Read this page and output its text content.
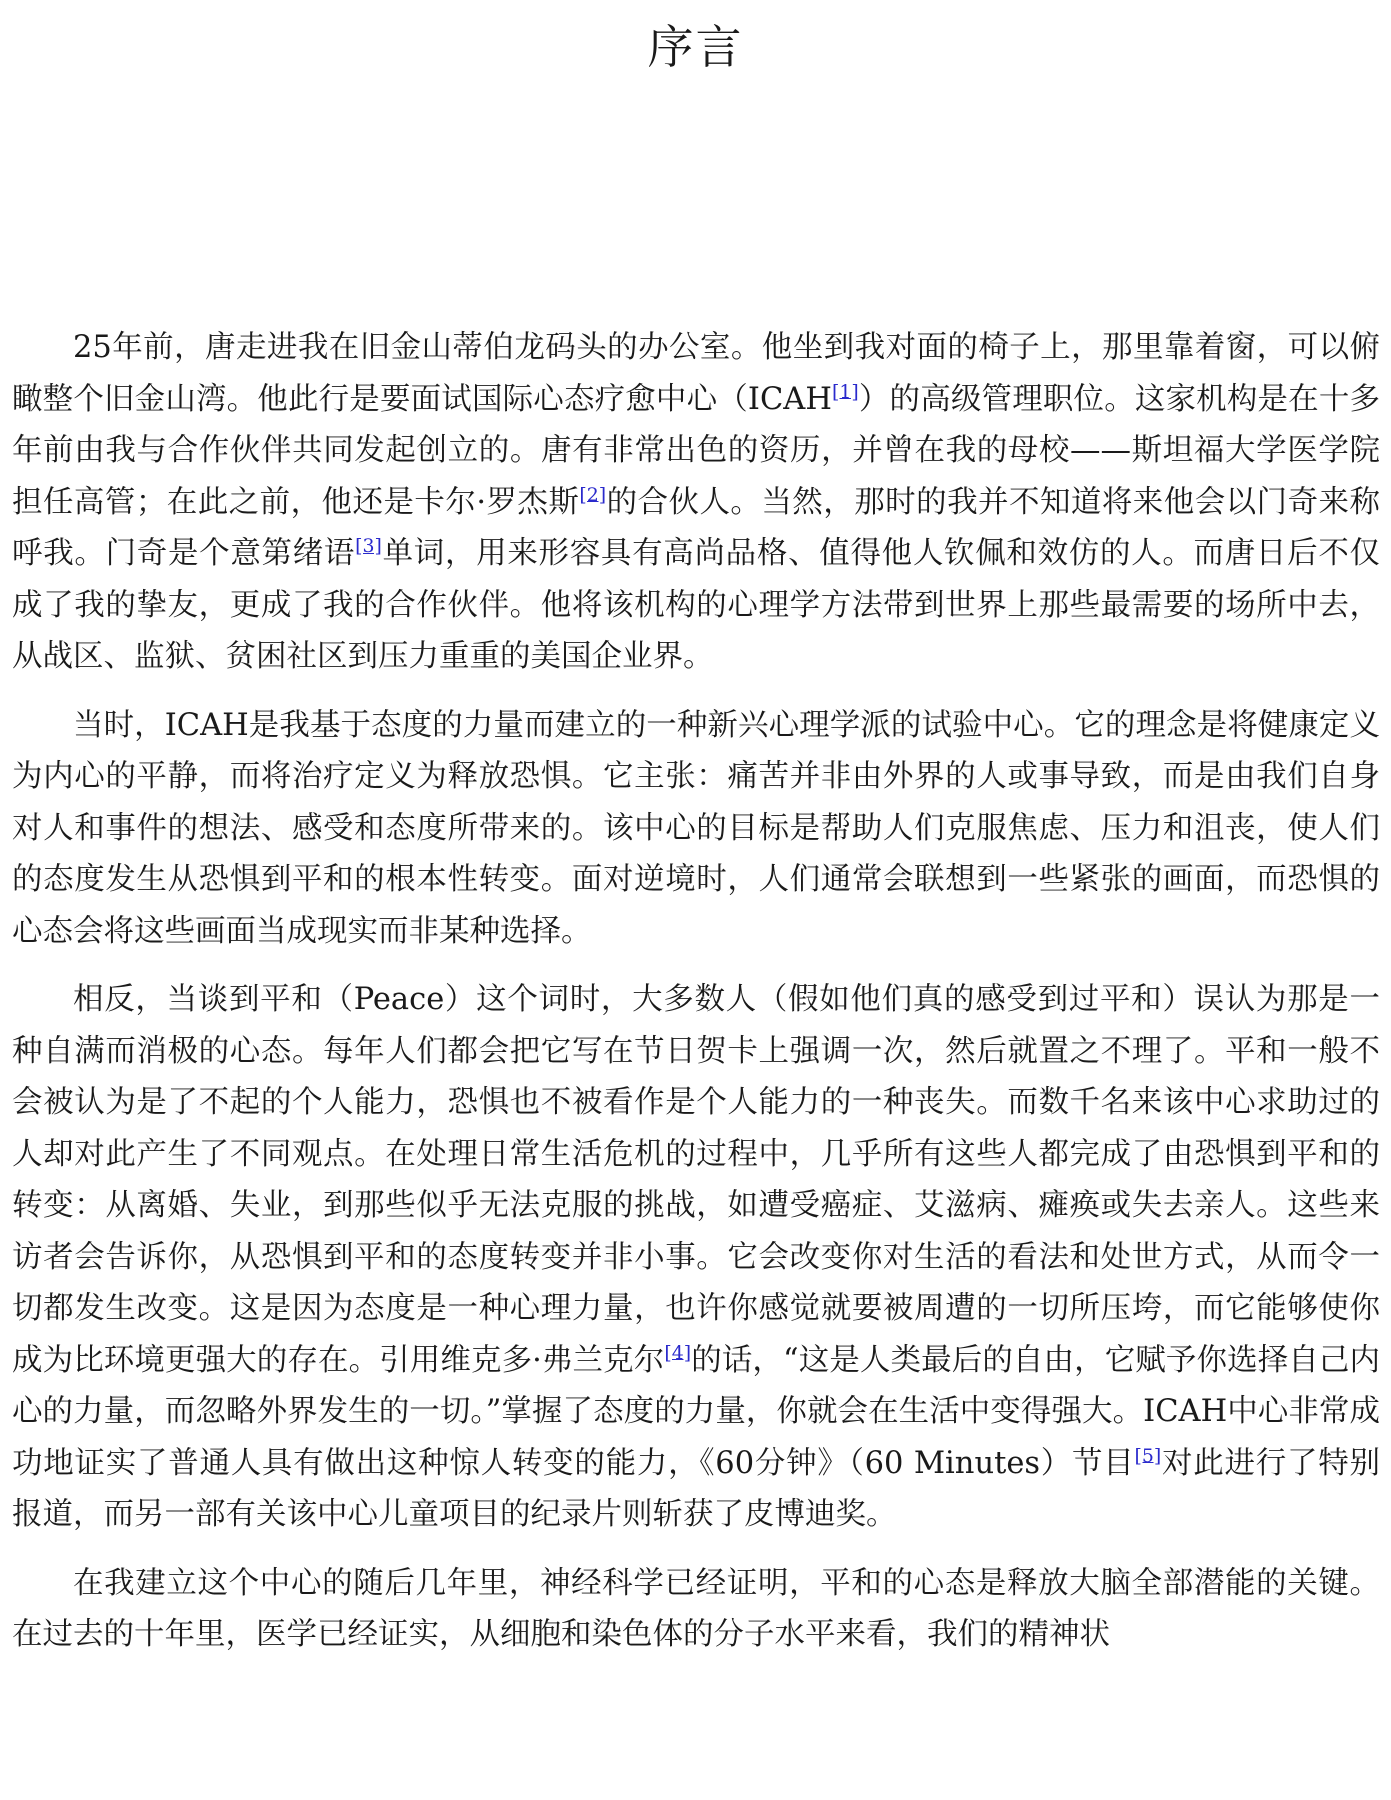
序言

25年前，唐走进我在旧金山蒂伯龙码头的办公室。他坐到我对面的椅子上，那里靠着窗，可以俯瞰整个旧金山湾。他此行是要面试国际心态疗愈中心（ICAH[1]）的高级管理职位。这家机构是在十多年前由我与合作伙伴共同发起创立的。唐有非常出色的资历，并曾在我的母校——斯坦福大学医学院担任高管；在此之前，他还是卡尔·罗杰斯[2]的合伙人。当然，那时的我并不知道将来他会以门奇来称呼我。门奇是个意第绪语[3]单词，用来形容具有高尚品格、值得他人钦佩和效仿的人。而唐日后不仅成了我的挚友，更成了我的合作伙伴。他将该机构的心理学方法带到世界上那些最需要的场所中去，从战区、监狱、贫困社区到压力重重的美国企业界。

当时，ICAH是我基于态度的力量而建立的一种新兴心理学派的试验中心。它的理念是将健康定义为内心的平静，而将治疗定义为释放恐惧。它主张：痛苦并非由外界的人或事导致，而是由我们自身对人和事件的想法、感受和态度所带来的。该中心的目标是帮助人们克服焦虑、压力和沮丧，使人们的态度发生从恐惧到平和的根本性转变。面对逆境时，人们通常会联想到一些紧张的画面，而恐惧的心态会将这些画面当成现实而非某种选择。

相反，当谈到平和（Peace）这个词时，大多数人（假如他们真的感受到过平和）误认为那是一种自满而消极的心态。每年人们都会把它写在节日贺卡上强调一次，然后就置之不理了。平和一般不会被认为是了不起的个人能力，恐惧也不被看作是个人能力的一种丧失。而数千名来该中心求助过的人却对此产生了不同观点。在处理日常生活危机的过程中，几乎所有这些人都完成了由恐惧到平和的转变：从离婚、失业，到那些似乎无法克服的挑战，如遭受癌症、艾滋病、瘫痪或失去亲人。这些来访者会告诉你，从恐惧到平和的态度转变并非小事。它会改变你对生活的看法和处世方式，从而令一切都发生改变。这是因为态度是一种心理力量，也许你感觉就要被周遭的一切所压垮，而它能够使你成为比环境更强大的存在。引用维克多·弗兰克尔[4]的话，“这是人类最后的自由，它赋予你选择自己内心的力量，而忽略外界发生的一切。”掌握了态度的力量，你就会在生活中变得强大。ICAH中心非常成功地证实了普通人具有做出这种惊人转变的能力，《60分钟》（60 Minutes）节目[5]对此进行了特别报道，而另一部有关该中心儿童项目的纪录片则斩获了皮博迪奖。

在我建立这个中心的随后几年里，神经科学已经证明，平和的心态是释放大脑全部潜能的关键。在过去的十年里，医学已经证实，从细胞和染色体的分子水平来看，我们的精神状
